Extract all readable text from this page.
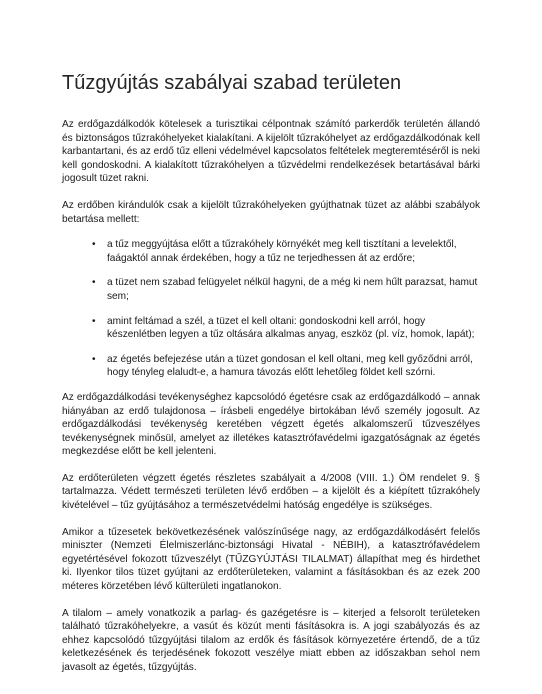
Tűzgyújtás szabályai szabad területen

Az erdőgazdálkodók kötelesek a turisztikai célpontnak számító parkerdők területén állandó és biztonságos tűzrakóhelyeket kialakítani. A kijelölt tűzrakóhelyet az erdőgazdálkodónak kell karbantartani, és az erdő tűz elleni védelmével kapcsolatos feltételek megteremtéséről is neki kell gondoskodni. A kialakított tűzrakóhelyen a tűzvédelmi rendelkezések betartásával bárki jogosult tüzet rakni.

Az erdőben kirándulók csak a kijelölt tűzrakóhelyeken gyújthatnak tüzet az alábbi szabályok betartása mellett:

• a tűz meggyújtása előtt a tűzrakóhely környékét meg kell tisztítani a levelektől, faágaktól annak érdekében, hogy a tűz ne terjedhessen át az erdőre;
• a tüzet nem szabad felügyelet nélkül hagyni, de a még ki nem hűlt parazsat, hamut sem;
• amint feltámad a szél, a tüzet el kell oltani: gondoskodni kell arról, hogy készenlétben legyen a tűz oltására alkalmas anyag, eszköz (pl. víz, homok, lapát);
• az égetés befejezése után a tüzet gondosan el kell oltani, meg kell győződni arról, hogy tényleg elaludt-e, a hamura távozás előtt lehetőleg földet kell szórni.

Az erdőgazdálkodási tevékenységhez kapcsolódó égetésre csak az erdőgazdálkodó – annak hiányában az erdő tulajdonosa – írásbeli engedélye birtokában lévő személy jogosult. Az erdőgazdálkodási tevékenység keretében végzett égetés alkalomszerű tűzveszélyes tevékenységnek minősül, amelyet az illetékes katasztrófavédelmi igazgatóságnak az égetés megkezdése előtt be kell jelenteni.

Az erdőterületen végzett égetés részletes szabályait a 4/2008 (VIII. 1.) ÖM rendelet 9. § tartalmazza. Védett természeti területen lévő erdőben – a kijelölt és a kiépített tűzrakóhely kivételével – tűz gyújtásához a természetvédelmi hatóság engedélye is szükséges.

Amikor a tűzesetek bekövetkezésének valószínűsége nagy, az erdőgazdálkodásért felelős miniszter (Nemzeti Élelmiszerlánc-biztonsági Hivatal - NÉBIH), a katasztrófavédelem egyetértésével fokozott tűzveszélyt (TŰZGYÚJTÁSI TILALMAT) állapíthat meg és hirdethet ki. Ilyenkor tilos tüzet gyújtani az erdőterületeken, valamint a fásításokban és az ezek 200 méteres körzetében lévő külterületi ingatlanokon.

A tilalom – amely vonatkozik a parlag- és gazégetésre is – kiterjed a felsorolt területeken található tűzrakóhelyekre, a vasút és közút menti fásításokra is. A jogi szabályozás és az ehhez kapcsolódó tűzgyújtási tilalom az erdők és fásítások környezetére értendő, de a tűz keletkezésének és terjedésének fokozott veszélye miatt ebben az időszakban sehol nem javasolt az égetés, tűzgyújtás.
